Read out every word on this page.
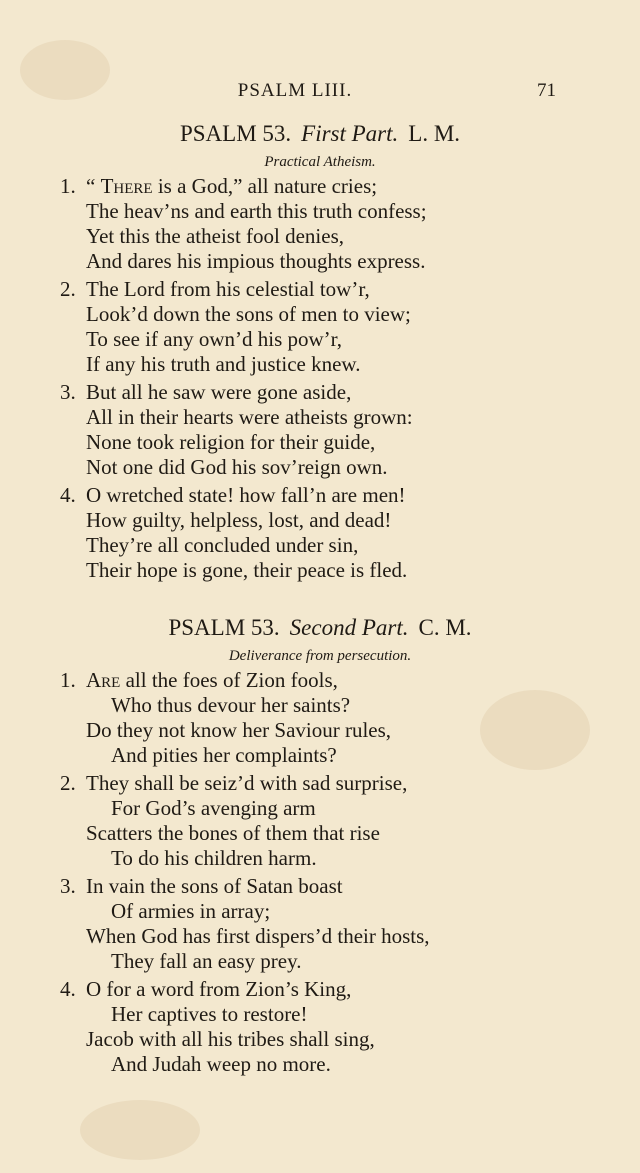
PSALM LIII.	71
PSALM 53. First Part. L. M.
Practical Atheism.
1. “ There is a God,” all nature cries;
The heav’ns and earth this truth confess;
Yet this the atheist fool denies,
And dares his impious thoughts express.
2. The Lord from his celestial tow’r,
Look’d down the sons of men to view;
To see if any own’d his pow’r,
If any his truth and justice knew.
3. But all he saw were gone aside,
All in their hearts were atheists grown:
None took religion for their guide,
Not one did God his sov’reign own.
4. O wretched state! how fall’n are men!
How guilty, helpless, lost, and dead!
They’re all concluded under sin,
Their hope is gone, their peace is fled.
PSALM 53. Second Part. C. M.
Deliverance from persecution.
1. Are all the foes of Zion fools,
Who thus devour her saints?
Do they not know her Saviour rules,
And pities her complaints?
2. They shall be seiz’d with sad surprise,
For God’s avenging arm
Scatters the bones of them that rise
To do his children harm.
3. In vain the sons of Satan boast
Of armies in array;
When God has first dispers’d their hosts,
They fall an easy prey.
4. O for a word from Zion’s King,
Her captives to restore!
Jacob with all his tribes shall sing,
And Judah weep no more.
